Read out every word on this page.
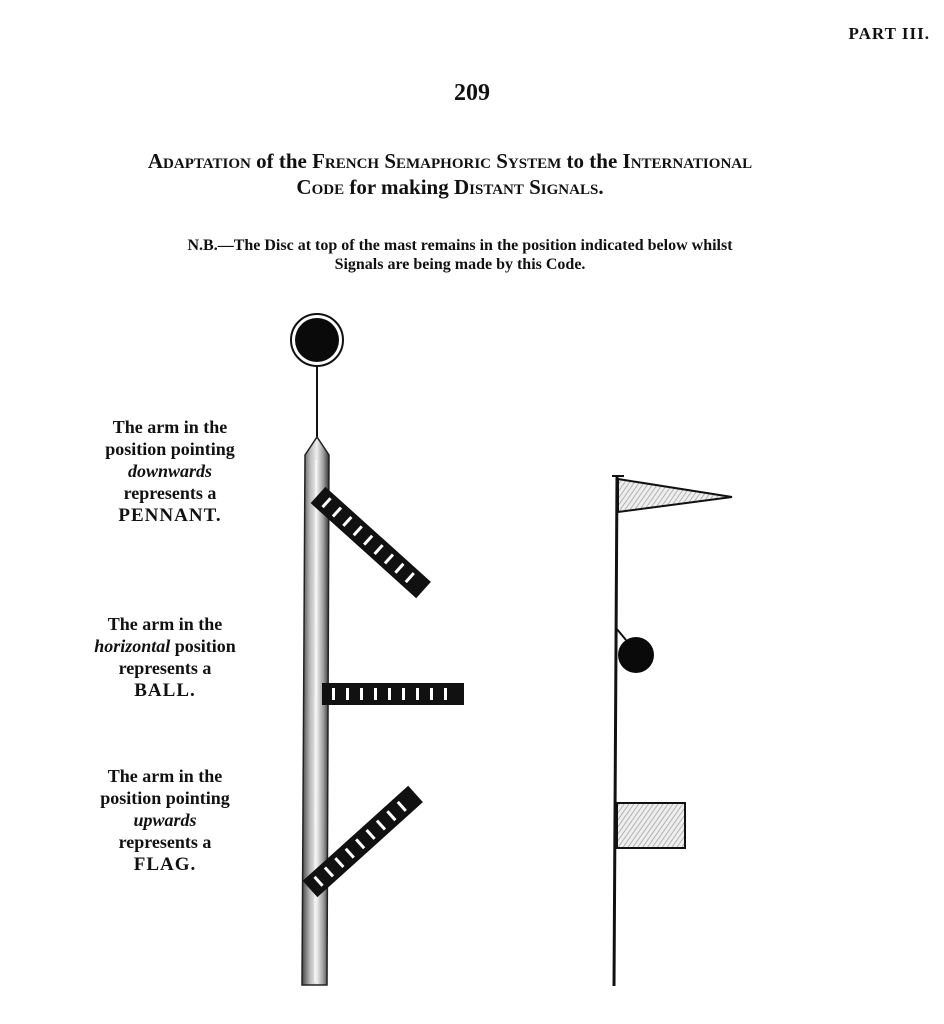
PART III.
209
Adaptation of the French Semaphoric System to the International
Code for making Distant Signals.
N.B.—The Disc at top of the mast remains in the position indicated below whilst
Signals are being made by this Code.
The arm in the
position pointing
downwards
represents a
PENNANT.
The arm in the
horizontal position
represents a
BALL.
The arm in the
position pointing
upwards
represents a
FLAG.
